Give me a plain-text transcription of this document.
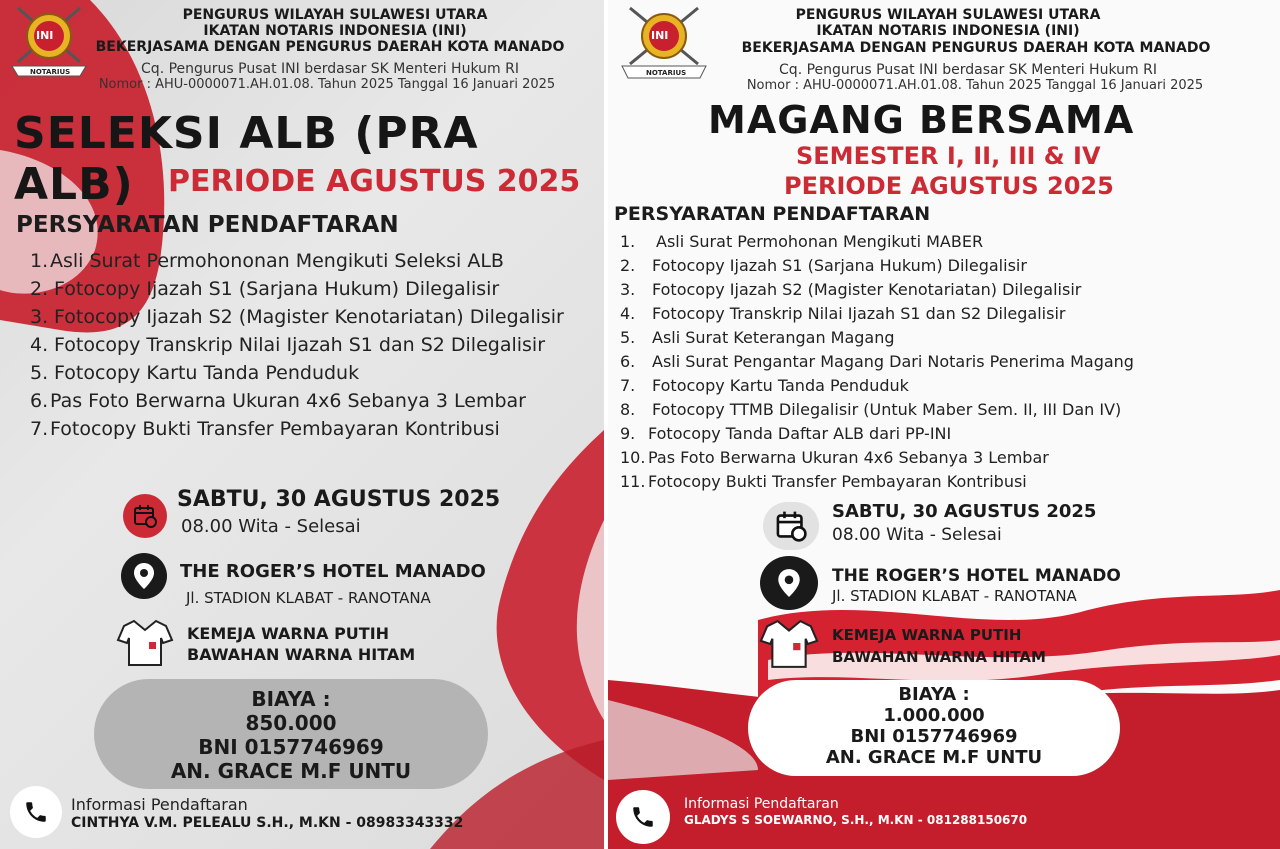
INI
NOTARIUS
PENGURUS WILAYAH SULAWESI UTARA
IKATAN NOTARIS INDONESIA (INI)
BEKERJASAMA DENGAN PENGURUS DAERAH KOTA MANADO
Cq. Pengurus Pusat INI berdasar SK Menteri Hukum RI
Nomor : AHU-0000071.AH.01.08. Tahun 2025 Tanggal 16 Januari 2025
SELEKSI ALB (PRA ALB)	PERIODE AGUSTUS 2025
PERSYARATAN PENDAFTARAN
1.Asli Surat Permohononan Mengikuti Seleksi ALB
2. Fotocopy Ijazah S1 (Sarjana Hukum) Dilegalisir
3. Fotocopy Ijazah S2 (Magister Kenotariatan) Dilegalisir
4. Fotocopy Transkrip Nilai Ijazah S1 dan S2 Dilegalisir
5. Fotocopy Kartu Tanda Penduduk
6.Pas Foto Berwarna Ukuran 4x6 Sebanya 3 Lembar
7.Fotocopy Bukti Transfer Pembayaran Kontribusi
SABTU, 30 AGUSTUS 2025
08.00 Wita - Selesai
THE ROGER’S HOTEL MANADO
Jl. STADION KLABAT - RANOTANA
KEMEJA WARNA PUTIH
BAWAHAN WARNA HITAM
BIAYA :
850.000
BNI 0157746969
AN. GRACE M.F UNTU
Informasi Pendaftaran
CINTHYA V.M. PELEALU S.H., M.KN - 08983343332
INI
NOTARIUS
PENGURUS WILAYAH SULAWESI UTARA
IKATAN NOTARIS INDONESIA (INI)
BEKERJASAMA DENGAN PENGURUS DAERAH KOTA MANADO
Cq. Pengurus Pusat INI berdasar SK Menteri Hukum RI
Nomor : AHU-0000071.AH.01.08. Tahun 2025 Tanggal 16 Januari 2025
MAGANG BERSAMA
SEMESTER I, II, III & IV
PERIODE AGUSTUS 2025
PERSYARATAN PENDAFTARAN
1. Asli Surat Permohonan Mengikuti MABER
2. Fotocopy Ijazah S1 (Sarjana Hukum) Dilegalisir
3. Fotocopy Ijazah S2 (Magister Kenotariatan) Dilegalisir
4. Fotocopy Transkrip Nilai Ijazah S1 dan S2 Dilegalisir
5. Asli Surat Keterangan Magang
6. Asli Surat Pengantar Magang Dari Notaris Penerima Magang
7. Fotocopy Kartu Tanda Penduduk
8. Fotocopy TTMB Dilegalisir (Untuk Maber Sem. II, III Dan IV)
9. Fotocopy Tanda Daftar ALB dari PP-INI
10. Pas Foto Berwarna Ukuran 4x6 Sebanya 3 Lembar
11. Fotocopy Bukti Transfer Pembayaran Kontribusi
SABTU, 30 AGUSTUS 2025
08.00 Wita - Selesai
THE ROGER’S HOTEL MANADO
Jl. STADION KLABAT - RANOTANA
KEMEJA WARNA PUTIH
BAWAHAN WARNA HITAM
BIAYA :
1.000.000
BNI 0157746969
AN. GRACE M.F UNTU
Informasi Pendaftaran
GLADYS S SOEWARNO, S.H., M.KN - 081288150670
